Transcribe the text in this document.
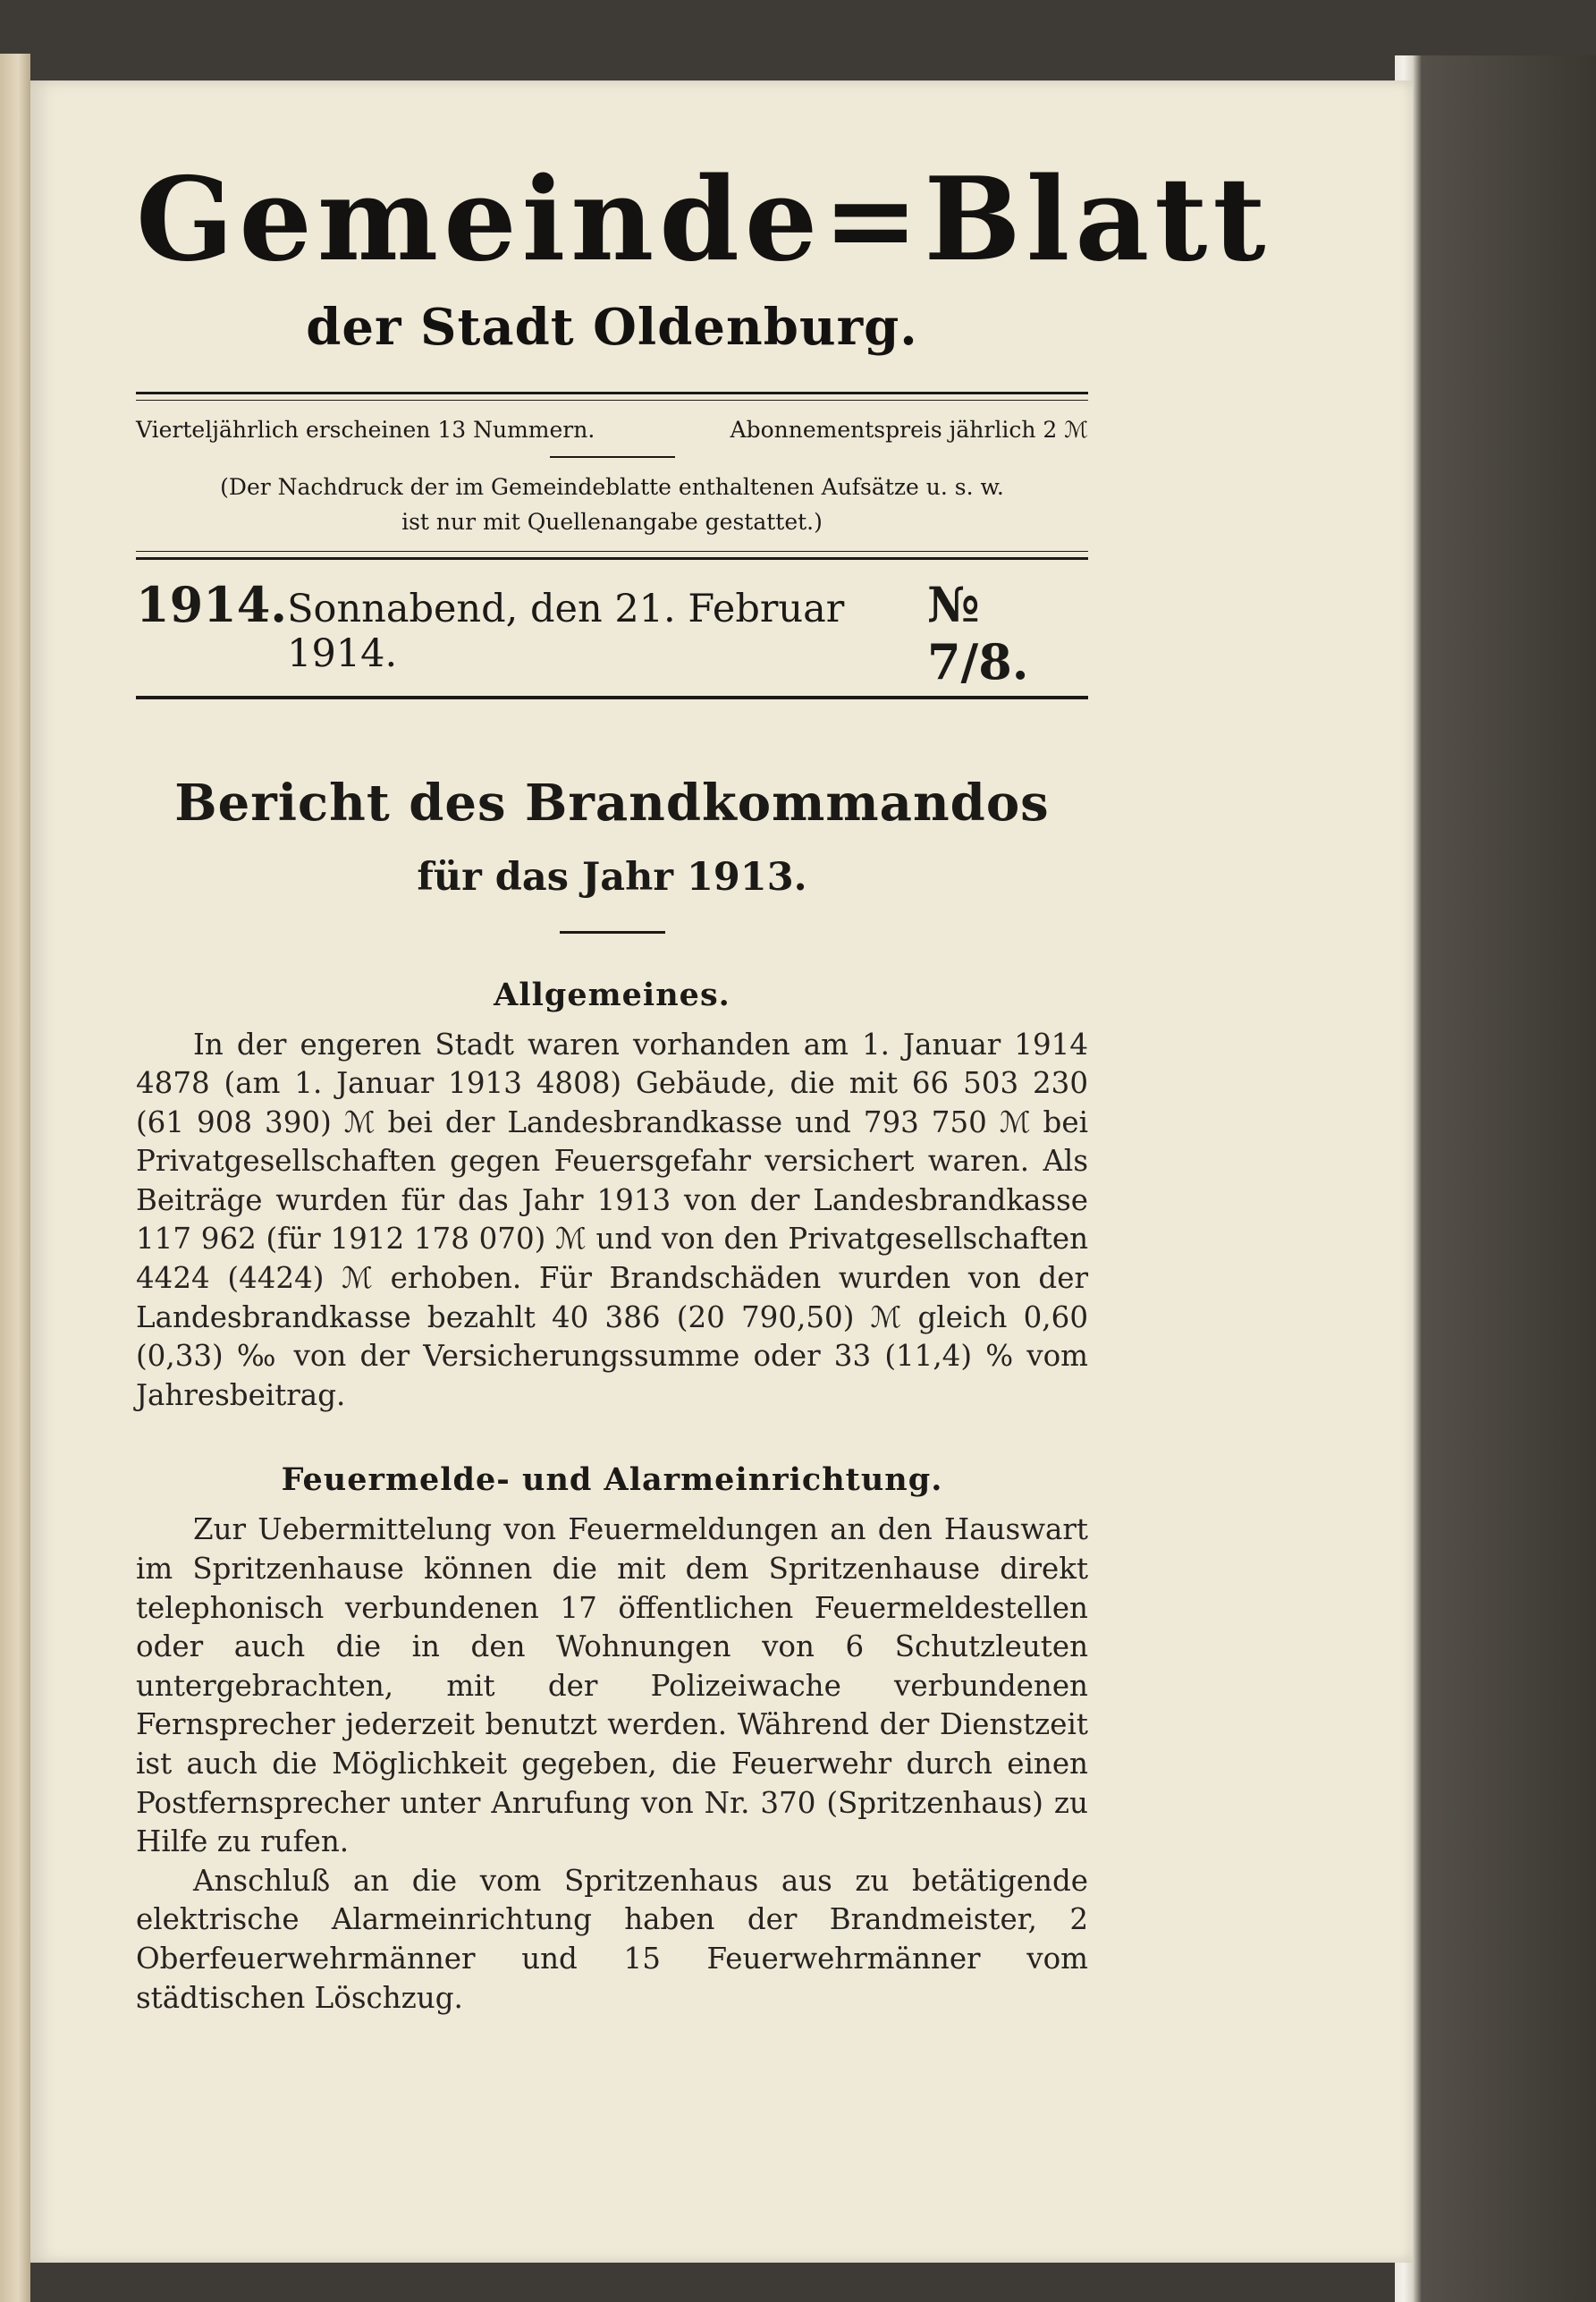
Gemeinde=Blatt
der Stadt Oldenburg.
Vierteljährlich erscheinen 13 Nummern.	Abonnementspreis jährlich 2 ℳ
(Der Nachdruck der im Gemeindeblatte enthaltenen Aufsätze u. s. w.
ist nur mit Quellenangabe gestattet.)
1914. Sonnabend, den 21. Februar 1914.
№ 7/8.
Bericht des Brandkommandos
für das Jahr 1913.
Allgemeines.

In der engeren Stadt waren vorhanden am 1. Januar 1914 4878 (am 1. Januar 1913 4808) Gebäude, die mit 66 503 230 (61 908 390) ℳ bei der Landesbrandkasse und 793 750 ℳ bei Privatgesellschaften gegen Feuersgefahr versichert waren. Als Beiträge wurden für das Jahr 1913 von der Landesbrandkasse 117 962 (für 1912 178 070) ℳ und von den Privatgesellschaften 4424 (4424) ℳ erhoben. Für Brandschäden wurden von der Landesbrandkasse bezahlt 40 386 (20 790,50) ℳ gleich 0,60 (0,33) ‰ von der Versicherungssumme oder 33 (11,4) % vom Jahresbeitrag.

Feuermelde- und Alarmeinrichtung.

Zur Uebermittelung von Feuermeldungen an den Hauswart im Spritzenhause können die mit dem Spritzenhause direkt telephonisch verbundenen 17 öffentlichen Feuermeldestellen oder auch die in den Wohnungen von 6 Schutzleuten untergebrachten, mit der Polizeiwache verbundenen Fernsprecher jederzeit benutzt werden. Während der Dienstzeit ist auch die Möglichkeit gegeben, die Feuerwehr durch einen Postfernsprecher unter Anrufung von Nr. 370 (Spritzenhaus) zu Hilfe zu rufen.

Anschluß an die vom Spritzenhaus aus zu betätigende elektrische Alarmeinrichtung haben der Brandmeister, 2 Oberfeuerwehrmänner und 15 Feuerwehrmänner vom städtischen Löschzug.
